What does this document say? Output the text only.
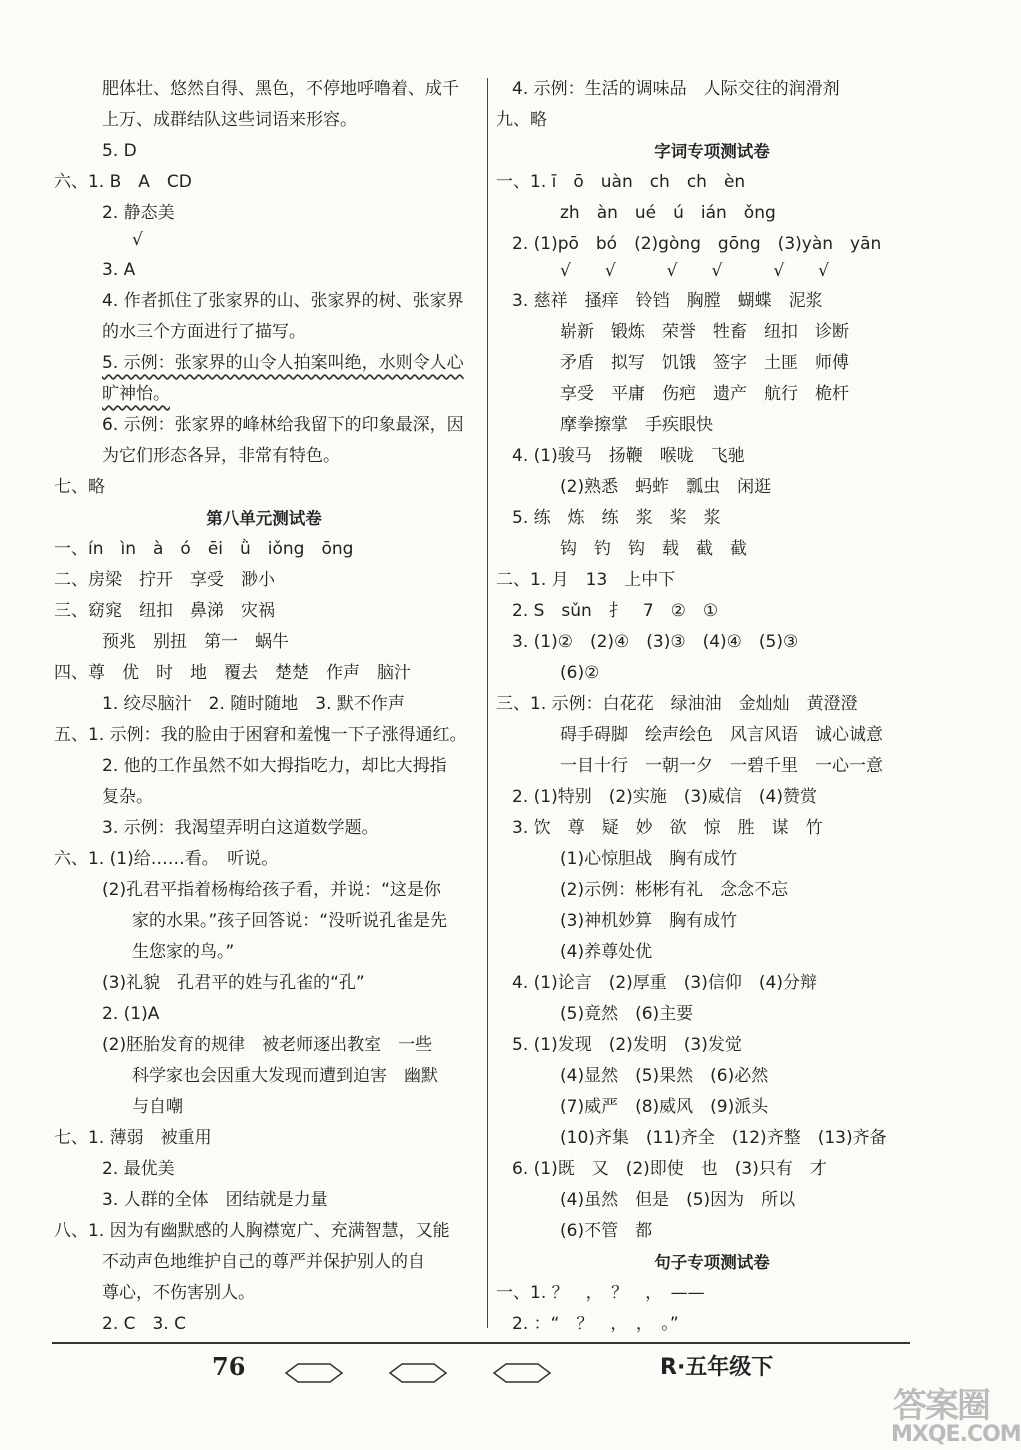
肥体壮、悠然自得、黑色，不停地呼噜着、成千
上万、成群结队这些词语来形容。
5. D
六、1. B　A　CD
2. 静态美
√
3. A
4. 作者抓住了张家界的山、张家界的树、张家界
的水三个方面进行了描写。
5. 示例：张家界的山令人拍案叫绝，水则令人心
旷神怡。
6. 示例：张家界的峰林给我留下的印象最深，因
为它们形态各异，非常有特色。
七、略
第八单元测试卷
一、ín　ìn　à　ó　ēi　ǜ　iǒng　ōng
二、房梁　拧开　享受　渺小
三、窈窕　纽扣　鼻涕　灾祸
预兆　别扭　第一　蜗牛
四、尊　优　时　地　覆去　楚楚　作声　脑汁
1. 绞尽脑汁　2. 随时随地　3. 默不作声
五、1. 示例：我的脸由于困窘和羞愧一下子涨得通红。
2. 他的工作虽然不如大拇指吃力，却比大拇指
复杂。
3. 示例：我渴望弄明白这道数学题。
六、1. (1)给……看。　听说。
(2)孔君平指着杨梅给孩子看，并说：“这是你
家的水果。”孩子回答说：“没听说孔雀是先
生您家的鸟。”
(3)礼貌　孔君平的姓与孔雀的“孔”
2. (1)A
(2)胚胎发育的规律　被老师逐出教室　一些
科学家也会因重大发现而遭到迫害　幽默
与自嘲
七、1. 薄弱　被重用
2. 最优美
3. 人群的全体　团结就是力量
八、1. 因为有幽默感的人胸襟宽广、充满智慧，又能
不动声色地维护自己的尊严并保护别人的自
尊心，不伤害别人。
2. C　3. C
4. 示例：生活的调味品　人际交往的润滑剂
九、略
字词专项测试卷
一、1. ī　ō　uàn　ch　ch　èn
zh　àn　ué　ú　ián　ǒng
2. (1)pō　bó　(2)gòng　gōng　(3)yàn　yān
√　　√　　　√　　√　　　√　　√
3. 慈祥　搔痒　铃铛　胸膛　蝴蝶　泥浆
崭新　锻炼　荣誉　牲畜　纽扣　诊断
矛盾　拟写　饥饿　签字　土匪　师傅
享受　平庸　伤疤　遗产　航行　桅杆
摩拳擦掌　手疾眼快
4. (1)骏马　扬鞭　喉咙　飞驰
(2)熟悉　蚂蚱　瓢虫　闲逛
5. 练　炼　练　浆　桨　浆
钩　钓　钩　载　截　截
二、1. 月　13　上中下
2. S　sǔn　扌　7　②　①
3. (1)②　(2)④　(3)③　(4)④　(5)③
(6)②
三、1. 示例：白花花　绿油油　金灿灿　黄澄澄
碍手碍脚　绘声绘色　风言风语　诚心诚意
一目十行　一朝一夕　一碧千里　一心一意
2. (1)特别　(2)实施　(3)威信　(4)赞赏
3. 饮　尊　疑　妙　欲　惊　胜　谋　竹
(1)心惊胆战　胸有成竹
(2)示例：彬彬有礼　念念不忘
(3)神机妙算　胸有成竹
(4)养尊处优
4. (1)论言　(2)厚重　(3)信仰　(4)分辩
(5)竟然　(6)主要
5. (1)发现　(2)发明　(3)发觉
(4)显然　(5)果然　(6)必然
(7)威严　(8)威风　(9)派头
(10)齐集　(11)齐全　(12)齐整　(13)齐备
6. (1)既　又　(2)即使　也　(3)只有　才
(4)虽然　但是　(5)因为　所以
(6)不管　都
句子专项测试卷
一、1. ？　，　？　，　——
2. ：“　？　，　，　。”
76	R·五年级下
答案圈
MXQE.COM
